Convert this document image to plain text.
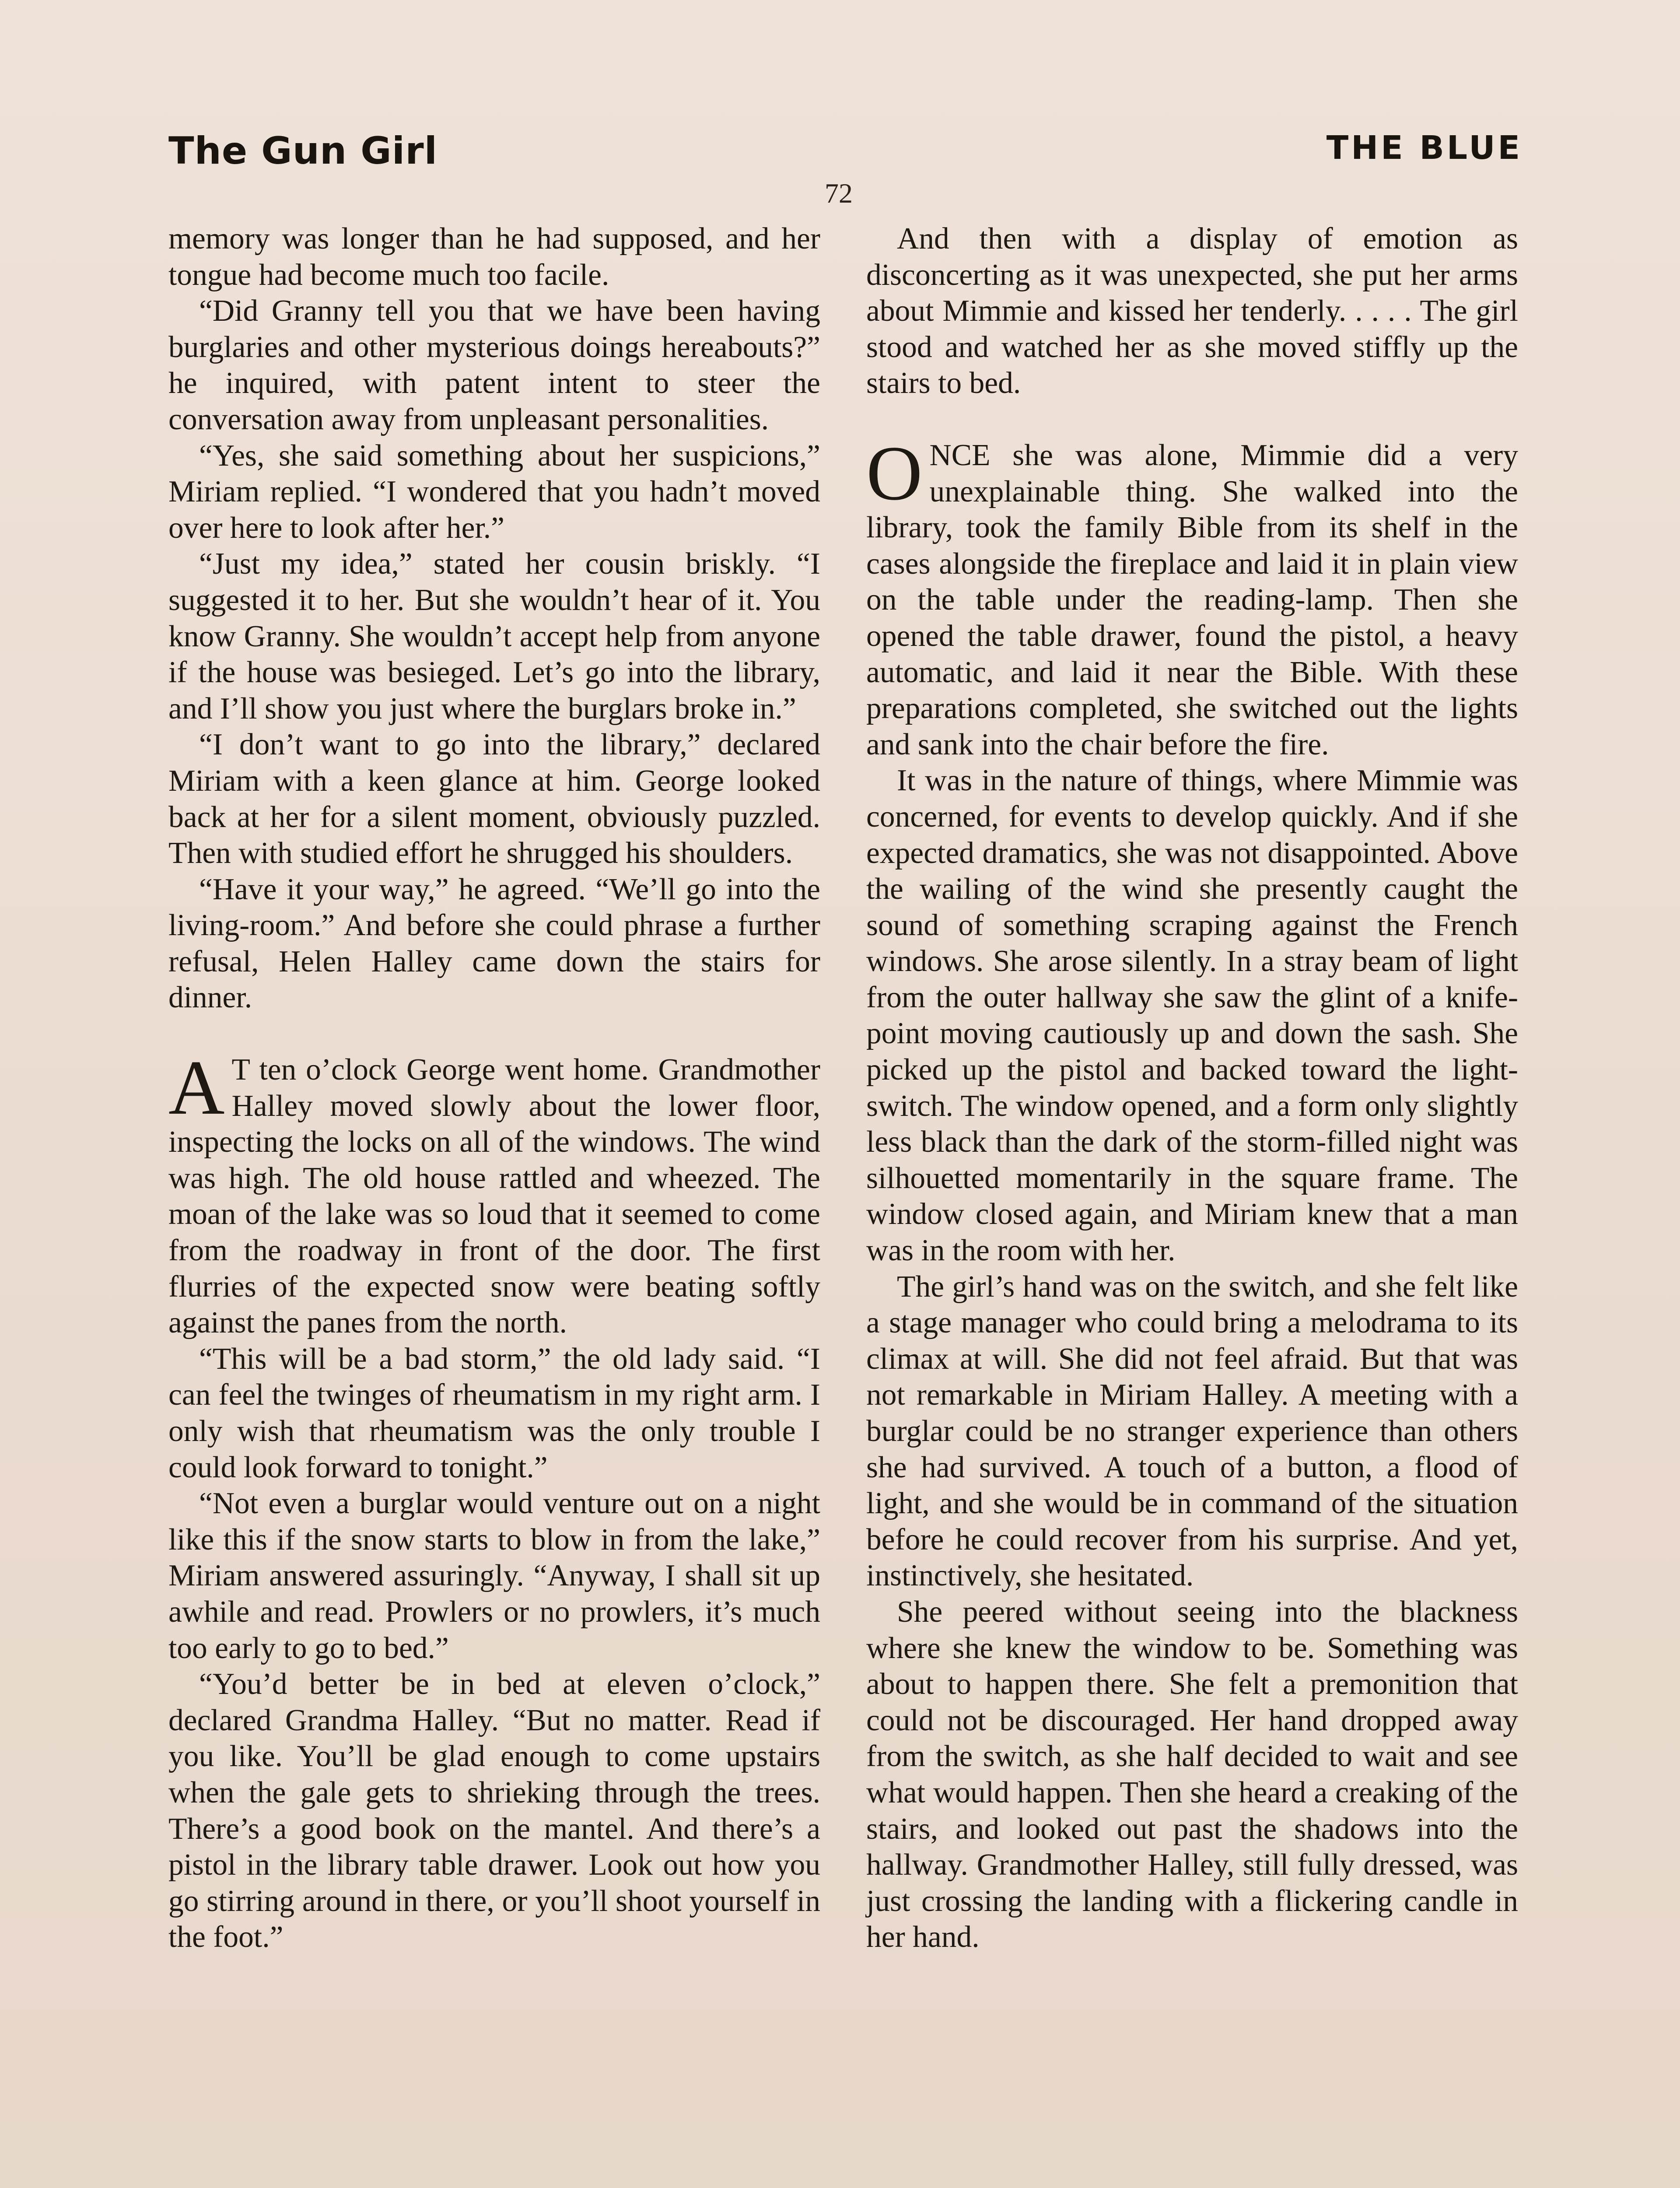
The Gun Girl
72
THE BLUE

memory was longer than he had supposed, and her tongue had become much too facile.

“Did Granny tell you that we have been having burglaries and other mysterious doings hereabouts?” he inquired, with patent intent to steer the conversation away from unpleasant personalities.

“Yes, she said something about her suspicions,” Miriam replied. “I wondered that you hadn’t moved over here to look after her.”

“Just my idea,” stated her cousin briskly. “I suggested it to her. But she wouldn’t hear of it. You know Granny. She wouldn’t accept help from anyone if the house was besieged. Let’s go into the library, and I’ll show you just where the burglars broke in.”

“I don’t want to go into the library,” declared Miriam with a keen glance at him. George looked back at her for a silent moment, obviously puzzled. Then with studied effort he shrugged his shoulders.

“Have it your way,” he agreed. “We’ll go into the living-room.” And before she could phrase a further refusal, Helen Halley came down the stairs for dinner.

A T ten o’clock George went home. Grandmother Halley moved slowly about the lower floor, inspecting the locks on all of the windows. The wind was high. The old house rattled and wheezed. The moan of the lake was so loud that it seemed to come from the roadway in front of the door. The first flurries of the expected snow were beating softly against the panes from the north.

“This will be a bad storm,” the old lady said. “I can feel the twinges of rheumatism in my right arm. I only wish that rheumatism was the only trouble I could look forward to tonight.”

“Not even a burglar would venture out on a night like this if the snow starts to blow in from the lake,” Miriam answered assuringly. “Anyway, I shall sit up awhile and read. Prowlers or no prowlers, it’s much too early to go to bed.”

“You’d better be in bed at eleven o’clock,” declared Grandma Halley. “But no matter. Read if you like. You’ll be glad enough to come upstairs when the gale gets to shrieking through the trees. There’s a good book on the mantel. And there’s a pistol in the library table drawer. Look out how you go stirring around in there, or you’ll shoot yourself in the foot.”

And then with a display of emotion as disconcerting as it was unexpected, she put her arms about Mimmie and kissed her tenderly. . . . . The girl stood and watched her as she moved stiffly up the stairs to bed.

ONCE she was alone, Mimmie did a very unexplainable thing. She walked into the library, took the family Bible from its shelf in the cases alongside the fireplace and laid it in plain view on the table under the reading-lamp. Then she opened the table drawer, found the pistol, a heavy automatic, and laid it near the Bible. With these preparations completed, she switched out the lights and sank into the chair before the fire.

It was in the nature of things, where Mimmie was concerned, for events to develop quickly. And if she expected dramatics, she was not disappointed. Above the wailing of the wind she presently caught the sound of something scraping against the French windows. She arose silently. In a stray beam of light from the outer hallway she saw the glint of a knife-point moving cautiously up and down the sash. She picked up the pistol and backed toward the light-switch. The window opened, and a form only slightly less black than the dark of the storm-filled night was silhouetted momentarily in the square frame. The window closed again, and Miriam knew that a man was in the room with her.

The girl’s hand was on the switch, and she felt like a stage manager who could bring a melodrama to its climax at will. She did not feel afraid. But that was not remarkable in Miriam Halley. A meeting with a burglar could be no stranger experience than others she had survived. A touch of a button, a flood of light, and she would be in command of the situation before he could recover from his surprise. And yet, instinctively, she hesitated.

She peered without seeing into the blackness where she knew the window to be. Something was about to happen there. She felt a premonition that could not be discouraged. Her hand dropped away from the switch, as she half decided to wait and see what would happen. Then she heard a creaking of the stairs, and looked out past the shadows into the hallway. Grandmother Halley, still fully dressed, was just crossing the landing with a flickering candle in her hand.
